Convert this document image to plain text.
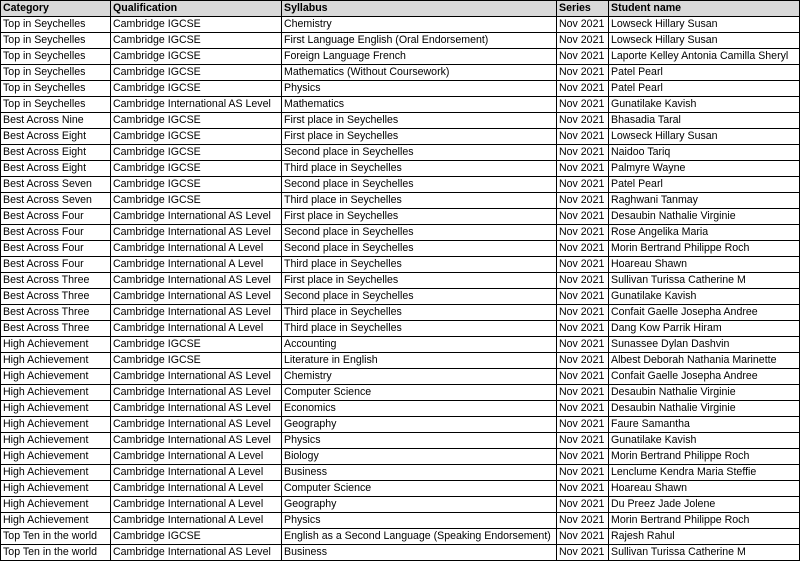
Category	Qualification	Syllabus	Series	Student name
Top in Seychelles	Cambridge IGCSE	Chemistry	Nov 2021	Lowseck Hillary Susan
Top in Seychelles	Cambridge IGCSE	First Language English (Oral Endorsement)	Nov 2021	Lowseck Hillary Susan
Top in Seychelles	Cambridge IGCSE	Foreign Language French	Nov 2021	Laporte Kelley Antonia Camilla Sheryl
Top in Seychelles	Cambridge IGCSE	Mathematics (Without Coursework)	Nov 2021	Patel Pearl
Top in Seychelles	Cambridge IGCSE	Physics	Nov 2021	Patel Pearl
Top in Seychelles	Cambridge International AS Level	Mathematics	Nov 2021	Gunatilake Kavish
Best Across Nine	Cambridge IGCSE	First place in Seychelles	Nov 2021	Bhasadia Taral
Best Across Eight	Cambridge IGCSE	First place in Seychelles	Nov 2021	Lowseck Hillary Susan
Best Across Eight	Cambridge IGCSE	Second place in Seychelles	Nov 2021	Naidoo Tariq
Best Across Eight	Cambridge IGCSE	Third place in Seychelles	Nov 2021	Palmyre Wayne
Best Across Seven	Cambridge IGCSE	Second place in Seychelles	Nov 2021	Patel Pearl
Best Across Seven	Cambridge IGCSE	Third place in Seychelles	Nov 2021	Raghwani Tanmay
Best Across Four	Cambridge International AS Level	First place in Seychelles	Nov 2021	Desaubin Nathalie Virginie
Best Across Four	Cambridge International AS Level	Second place in Seychelles	Nov 2021	Rose Angelika Maria
Best Across Four	Cambridge International A Level	Second place in Seychelles	Nov 2021	Morin Bertrand Philippe Roch
Best Across Four	Cambridge International A Level	Third place in Seychelles	Nov 2021	Hoareau Shawn
Best Across Three	Cambridge International AS Level	First place in Seychelles	Nov 2021	Sullivan Turissa Catherine M
Best Across Three	Cambridge International AS Level	Second place in Seychelles	Nov 2021	Gunatilake Kavish
Best Across Three	Cambridge International AS Level	Third place in Seychelles	Nov 2021	Confait Gaelle Josepha Andree
Best Across Three	Cambridge International A Level	Third place in Seychelles	Nov 2021	Dang Kow Parrik Hiram
High Achievement	Cambridge IGCSE	Accounting	Nov 2021	Sunassee Dylan Dashvin
High Achievement	Cambridge IGCSE	Literature in English	Nov 2021	Albest Deborah Nathania Marinette
High Achievement	Cambridge International AS Level	Chemistry	Nov 2021	Confait Gaelle Josepha Andree
High Achievement	Cambridge International AS Level	Computer Science	Nov 2021	Desaubin Nathalie Virginie
High Achievement	Cambridge International AS Level	Economics	Nov 2021	Desaubin Nathalie Virginie
High Achievement	Cambridge International AS Level	Geography	Nov 2021	Faure Samantha
High Achievement	Cambridge International AS Level	Physics	Nov 2021	Gunatilake Kavish
High Achievement	Cambridge International A Level	Biology	Nov 2021	Morin Bertrand Philippe Roch
High Achievement	Cambridge International A Level	Business	Nov 2021	Lenclume Kendra Maria Steffie
High Achievement	Cambridge International A Level	Computer Science	Nov 2021	Hoareau Shawn
High Achievement	Cambridge International A Level	Geography	Nov 2021	Du Preez Jade Jolene
High Achievement	Cambridge International A Level	Physics	Nov 2021	Morin Bertrand Philippe Roch
Top Ten in the world	Cambridge IGCSE	English as a Second Language (Speaking Endorsement)	Nov 2021	Rajesh Rahul
Top Ten in the world	Cambridge International AS Level	Business	Nov 2021	Sullivan Turissa Catherine M
